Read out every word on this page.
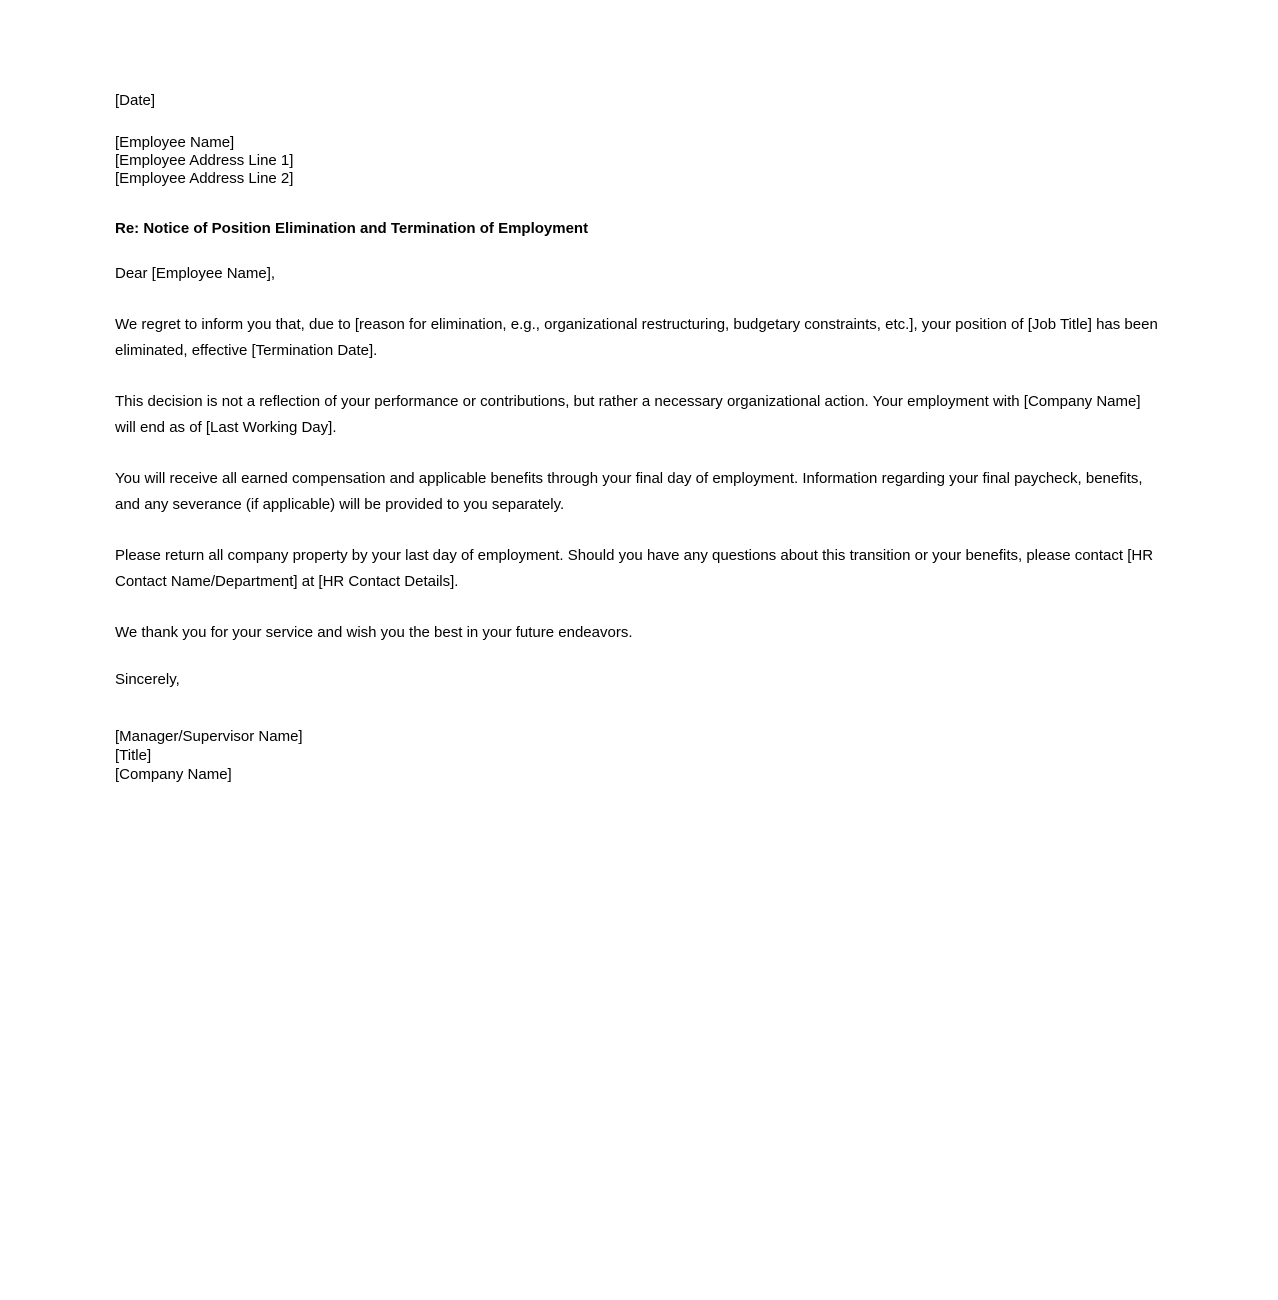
[Date]

[Employee Name]

[Employee Address Line 1]

[Employee Address Line 2]

Re: Notice of Position Elimination and Termination of Employment

Dear [Employee Name],

We regret to inform you that, due to [reason for elimination, e.g., organizational restructuring, budgetary constraints, etc.], your position of [Job Title] has been eliminated, effective [Termination Date].

This decision is not a reflection of your performance or contributions, but rather a necessary organizational action. Your employment with [Company Name] will end as of [Last Working Day].

You will receive all earned compensation and applicable benefits through your final day of employment. Information regarding your final paycheck, benefits, and any severance (if applicable) will be provided to you separately.

Please return all company property by your last day of employment. Should you have any questions about this transition or your benefits, please contact [HR Contact Name/Department] at [HR Contact Details].

We thank you for your service and wish you the best in your future endeavors.

Sincerely,

[Manager/Supervisor Name]

[Title]

[Company Name]
